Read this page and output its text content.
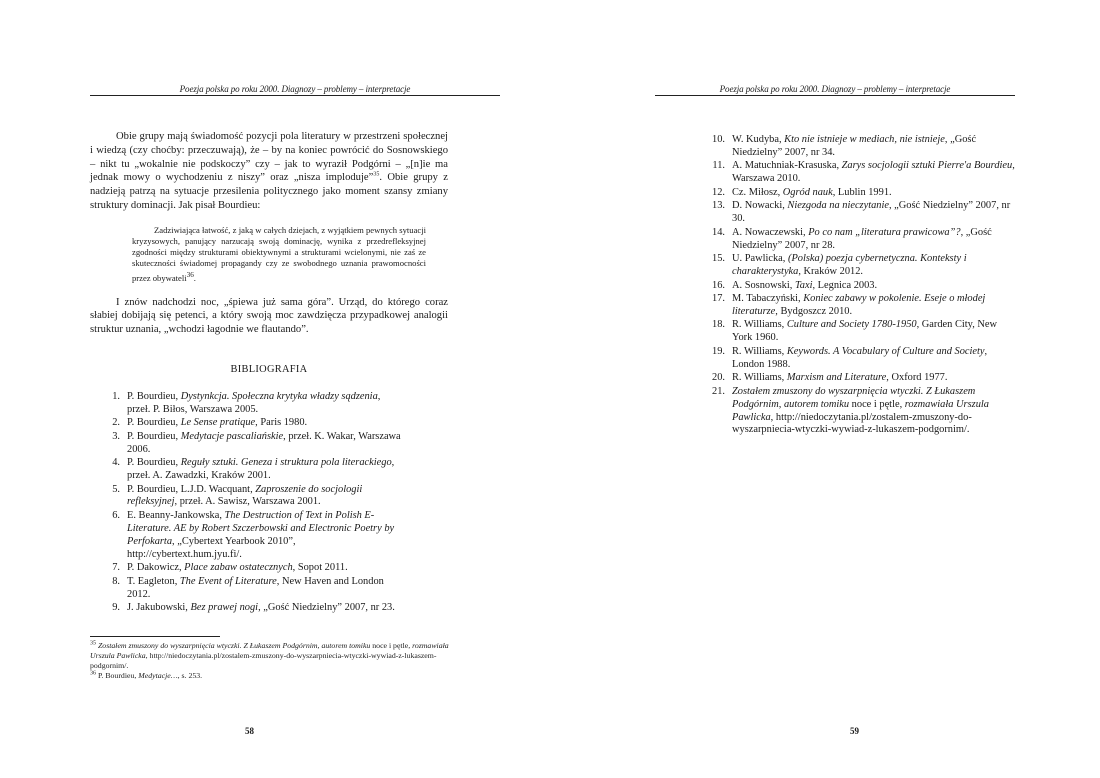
Poezja polska po roku 2000. Diagnozy – problemy – interpretacje

Obie grupy mają świadomość pozycji pola literatury w przestrzeni społecznej i wiedzą (czy choćby: przeczuwają), że – by na koniec powrócić do Sosnowskiego – nikt tu „wokalnie nie podskoczy” czy – jak to wyraził Podgórni – „[n]ie ma jednak mowy o wychodzeniu z niszy” oraz „nisza imploduje”$^{35}$. Obie grupy z nadzieją patrzą na sytuacje przesilenia politycznego jako moment szansy zmiany struktury dominacji. Jak pisał Bourdieu:

Zadziwiająca łatwość, z jaką w całych dziejach, z wyjątkiem pewnych sytuacji kryzysowych, panujący narzucają swoją dominację, wynika z przedrefleksyjnej zgodności między strukturami obiektywnymi a strukturami wcielonymi, nie zaś ze skuteczności świadomej propagandy czy ze swobodnego uznania prawomocności przez obywateli$^{36}$.

I znów nadchodzi noc, „śpiewa już sama góra”. Urząd, do którego coraz słabiej dobijają się petenci, a który swoją moc zawdzięcza przypadkowej analogii struktur uznania, „wchodzi łagodnie we flautando”.

BIBLIOGRAFIA
1. P. Bourdieu, Dystynkcja. Społeczna krytyka władzy sądzenia, przeł. P. Biłos, Warszawa 2005.
2. P. Bourdieu, Le Sense pratique, Paris 1980.
3. P. Bourdieu, Medytacje pascaliańskie, przeł. K. Wakar, Warszawa 2006.
4. P. Bourdieu, Reguły sztuki. Geneza i struktura pola literackiego, przeł. A. Zawadzki, Kraków 2001.
5. P. Bourdieu, L.J.D. Wacquant, Zaproszenie do socjologii refleksyjnej, przeł. A. Sawisz, Warszawa 2001.
6. E. Beanny-Jankowska, The Destruction of Text in Polish E-Literature. AE by Robert Szczerbowski and Electronic Poetry by Perfokarta, „Cybertext Yearbook 2010”, http://cybertext.hum.jyu.fi/.
7. P. Dakowicz, Place zabaw ostatecznych, Sopot 2011.
8. T. Eagleton, The Event of Literature, New Haven and London 2012.
9. J. Jakubowski, Bez prawej nogi, „Gość Niedzielny” 2007, nr 23.

$^{35}$ Zostałem zmuszony do wyszarpnięcia wtyczki. Z Łukaszem Podgórnim, autorem tomiku noce i pętle, rozmawiała Urszula Pawlicka, http://niedoczytania.pl/zostalem-zmuszony-do-wyszarpniecia-wtyczki-wywiad-z-lukaszem-podgornim/.

$^{36}$ P. Bourdieu, Medytacje…, s. 253.

58
Poezja polska po roku 2000. Diagnozy – problemy – interpretacje
10. W. Kudyba, Kto nie istnieje w mediach, nie istnieje, „Gość Niedzielny” 2007, nr 34.
11. A. Matuchniak-Krasuska, Zarys socjologii sztuki Pierre'a Bourdieu, Warszawa 2010.
12. Cz. Miłosz, Ogród nauk, Lublin 1991.
13. D. Nowacki, Niezgoda na nieczytanie, „Gość Niedzielny” 2007, nr 30.
14. A. Nowaczewski, Po co nam „literatura prawicowa”?, „Gość Niedzielny” 2007, nr 28.
15. U. Pawlicka, (Polska) poezja cybernetyczna. Konteksty i charakterystyka, Kraków 2012.
16. A. Sosnowski, Taxi, Legnica 2003.
17. M. Tabaczyński, Koniec zabawy w pokolenie. Eseje o młodej literaturze, Bydgoszcz 2010.
18. R. Williams, Culture and Society 1780-1950, Garden City, New York 1960.
19. R. Williams, Keywords. A Vocabulary of Culture and Society, London 1988.
20. R. Williams, Marxism and Literature, Oxford 1977.
21. Zostałem zmuszony do wyszarpnięcia wtyczki. Z Łukaszem Podgórnim, autorem tomiku noce i pętle, rozmawiała Urszula Pawlicka, http://niedoczytania.pl/zostalem-zmuszony-do-wyszarpniecia-wtyczki-wywiad-z-lukaszem-podgornim/.
59
